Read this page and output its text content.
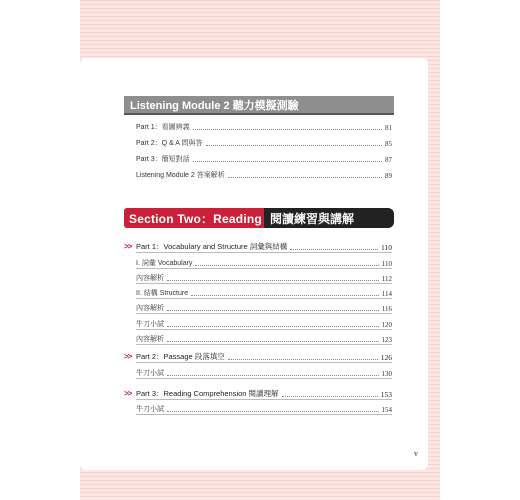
Listening Module 2 聽力模擬測驗
Part 1：看圖辨義	81
Part 2：Q & A 問與答	85
Part 3：簡短對話	87
Listening Module 2 答案解析	89
Section Two：Reading 閱讀練習與講解
>> Part 1：Vocabulary and Structure 詞彙與結構	110
I. 詞彙 Vocabulary	110
內容解析	112
II. 結構 Structure	114
內容解析	116
牛刀小試	120
內容解析	123
>> Part 2：Passage 段落填空	126
牛刀小試	130
>> Part 3：Reading Comprehension 閱讀理解	153
牛刀小試	154
v
